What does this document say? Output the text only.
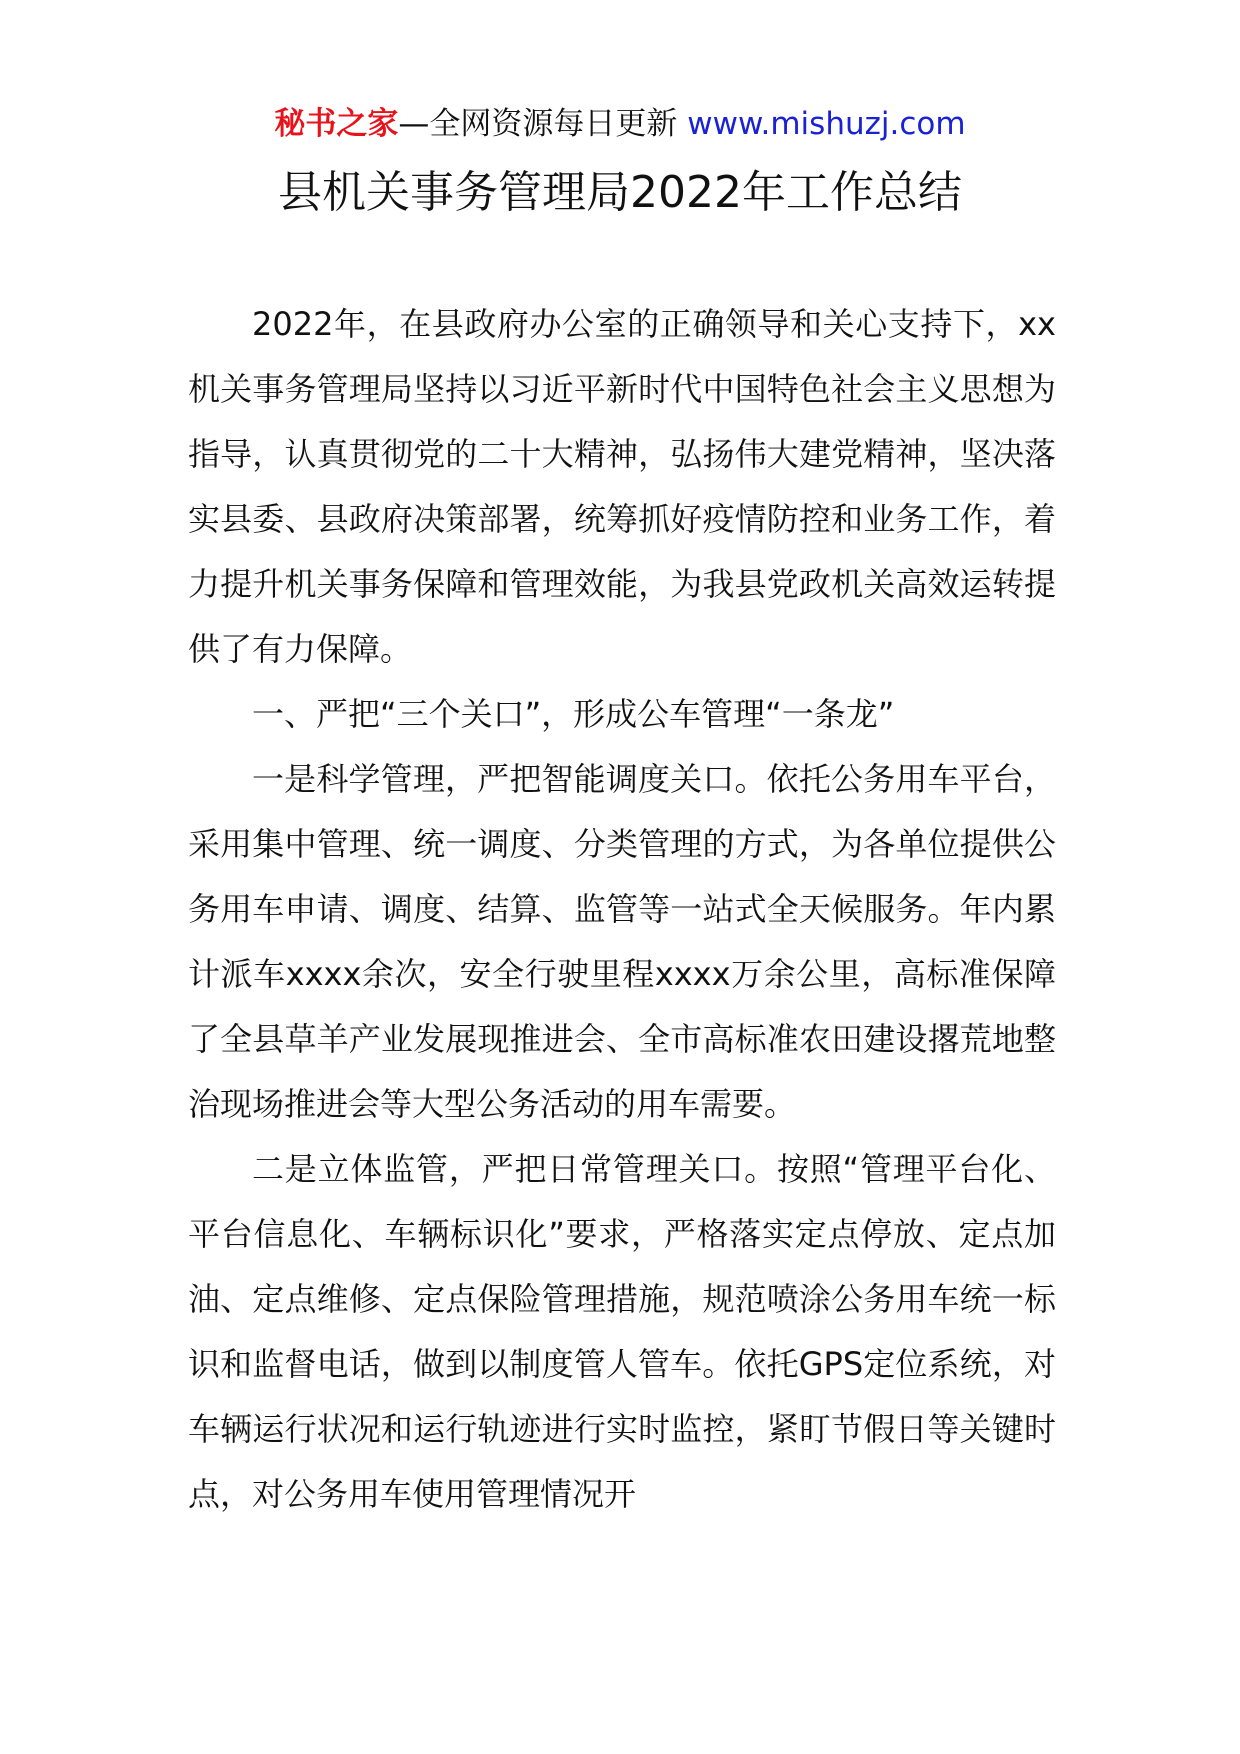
秘书之家—全网资源每日更新 www.mishuzj.com
县机关事务管理局2022年工作总结

2022年，在县政府办公室的正确领导和关心支持下，xx机关事务管理局坚持以习近平新时代中国特色社会主义思想为指导，认真贯彻党的二十大精神，弘扬伟大建党精神，坚决落实县委、县政府决策部署，统筹抓好疫情防控和业务工作，着力提升机关事务保障和管理效能，为我县党政机关高效运转提供了有力保障。

一、严把“三个关口”，形成公车管理“一条龙”

一是科学管理，严把智能调度关口。依托公务用车平台，采用集中管理、统一调度、分类管理的方式，为各单位提供公务用车申请、调度、结算、监管等一站式全天候服务。年内累计派车xxxx余次，安全行驶里程xxxx万余公里，高标准保障了全县草羊产业发展现推进会、全市高标准农田建设撂荒地整治现场推进会等大型公务活动的用车需要。

二是立体监管，严把日常管理关口。按照“管理平台化、平台信息化、车辆标识化”要求，严格落实定点停放、定点加油、定点维修、定点保险管理措施，规范喷涂公务用车统一标识和监督电话，做到以制度管人管车。依托GPS定位系统，对车辆运行状况和运行轨迹进行实时监控，紧盯节假日等关键时点，对公务用车使用管理情况开
